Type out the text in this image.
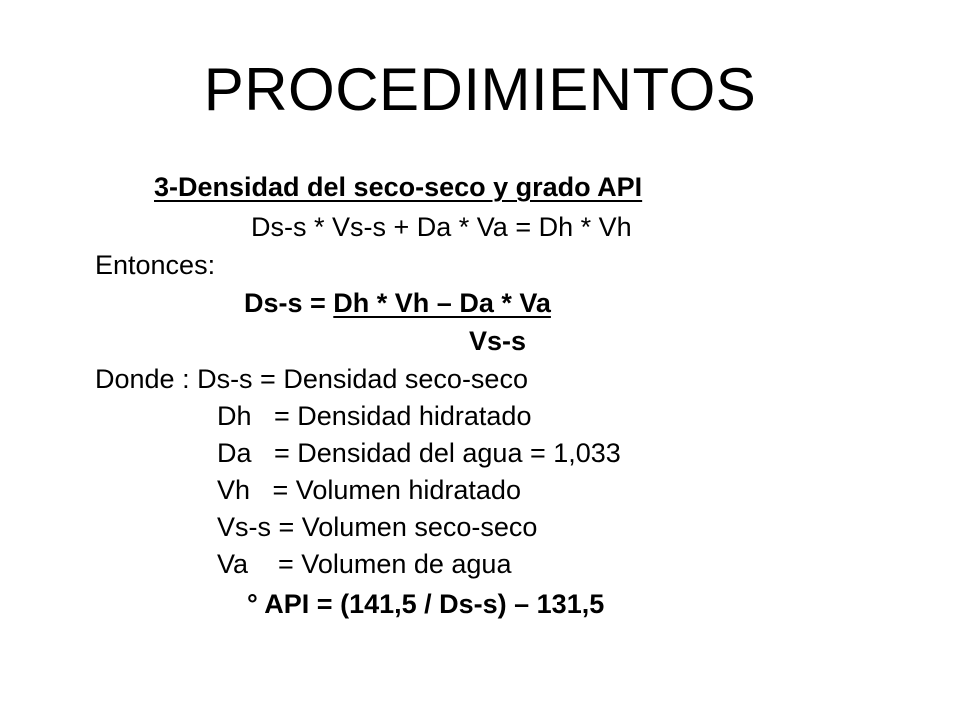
PROCEDIMIENTOS
3-Densidad del seco-seco y grado API
Ds-s * Vs-s + Da * Va = Dh * Vh
Entonces:
Ds-s = Dh * Vh – Da * Va
Vs-s
Donde : Ds-s = Densidad seco-seco
Dh   = Densidad hidratado
Da   = Densidad del agua = 1,033
Vh   = Volumen hidratado
Vs-s = Volumen seco-seco
Va    = Volumen de agua
° API = (141,5 / Ds-s) – 131,5
